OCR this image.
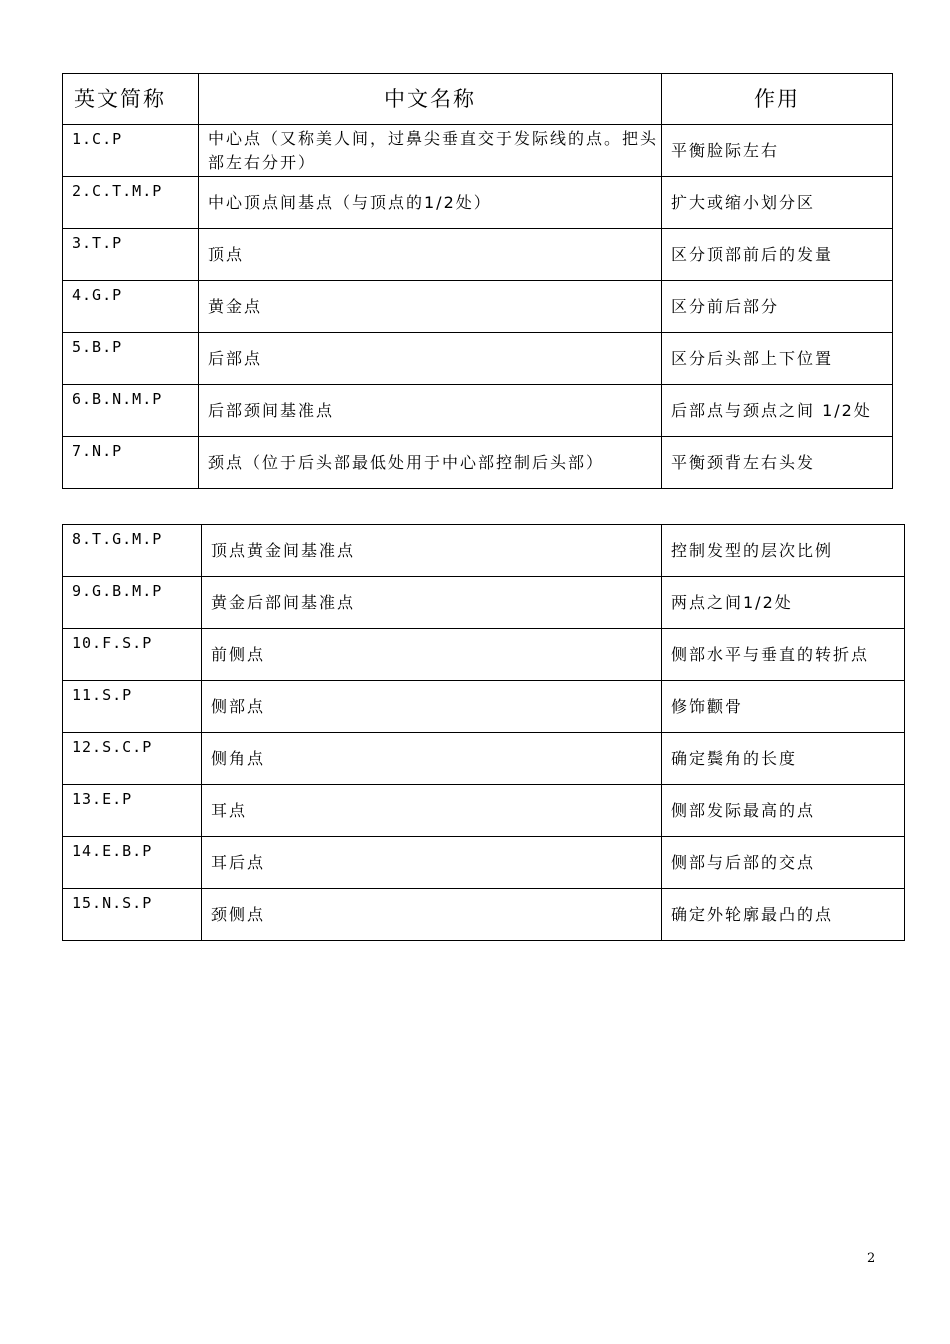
英文简称	中文名称	作用
1.C.P	中心点（又称美人间，过鼻尖垂直交于发际线的点。把头部左右分开）	平衡脸际左右
2.C.T.M.P	中心顶点间基点（与顶点的1/2处）	扩大或缩小划分区
3.T.P	顶点	区分顶部前后的发量
4.G.P	黄金点	区分前后部分
5.B.P	后部点	区分后头部上下位置
6.B.N.M.P	后部颈间基准点	后部点与颈点之间 1/2处
7.N.P	颈点（位于后头部最低处用于中心部控制后头部）	平衡颈背左右头发
8.T.G.M.P	顶点黄金间基准点	控制发型的层次比例
9.G.B.M.P	黄金后部间基准点	两点之间1/2处
10.F.S.P	前侧点	侧部水平与垂直的转折点
11.S.P	侧部点	修饰颧骨
12.S.C.P	侧角点	确定鬓角的长度
13.E.P	耳点	侧部发际最高的点
14.E.B.P	耳后点	侧部与后部的交点
15.N.S.P	颈侧点	确定外轮廓最凸的点
2
